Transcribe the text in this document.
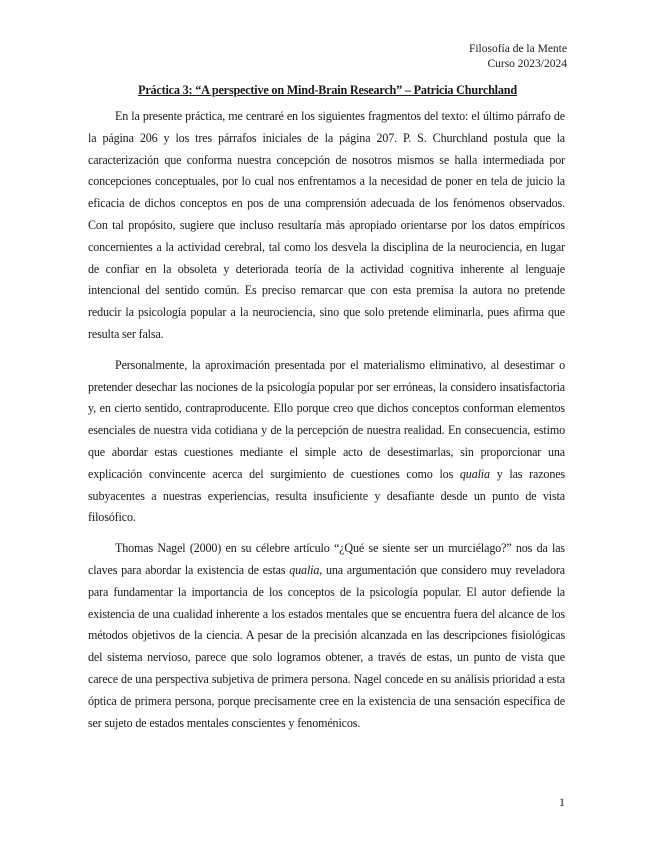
Filosofía de la Mente
Curso 2023/2024
Práctica 3: “A perspective on Mind-Brain Research” – Patricia Churchland

En la presente práctica, me centraré en los siguientes fragmentos del texto: el último párrafo de la página 206 y los tres párrafos iniciales de la página 207. P. S. Churchland postula que la caracterización que conforma nuestra concepción de nosotros mismos se halla intermediada por concepciones conceptuales, por lo cual nos enfrentamos a la necesidad de poner en tela de juicio la eficacia de dichos conceptos en pos de una comprensión adecuada de los fenómenos observados. Con tal propósito, sugiere que incluso resultaría más apropiado orientarse por los datos empíricos concernientes a la actividad cerebral, tal como los desvela la disciplina de la neurociencia, en lugar de confiar en la obsoleta y deteriorada teoría de la actividad cognitiva inherente al lenguaje intencional del sentido común. Es preciso remarcar que con esta premisa la autora no pretende reducir la psicología popular a la neurociencia, sino que solo pretende eliminarla, pues afirma que resulta ser falsa.

Personalmente, la aproximación presentada por el materialismo eliminativo, al desestimar o pretender desechar las nociones de la psicología popular por ser erróneas, la considero insatisfactoria y, en cierto sentido, contraproducente. Ello porque creo que dichos conceptos conforman elementos esenciales de nuestra vida cotidiana y de la percepción de nuestra realidad. En consecuencia, estimo que abordar estas cuestiones mediante el simple acto de desestimarlas, sin proporcionar una explicación convincente acerca del surgimiento de cuestiones como los qualia y las razones subyacentes a nuestras experiencias, resulta insuficiente y desafiante desde un punto de vista filosófico.

Thomas Nagel (2000) en su célebre artículo “¿Qué se siente ser un murciélago?” nos da las claves para abordar la existencia de estas qualia, una argumentación que considero muy reveladora para fundamentar la importancia de los conceptos de la psicología popular. El autor defiende la existencia de una cualidad inherente a los estados mentales que se encuentra fuera del alcance de los métodos objetivos de la ciencia. A pesar de la precisión alcanzada en las descripciones fisiológicas del sistema nervioso, parece que solo logramos obtener, a través de estas, un punto de vista que carece de una perspectiva subjetiva de primera persona. Nagel concede en su análisis prioridad a esta óptica de primera persona, porque precisamente cree en la existencia de una sensación específica de ser sujeto de estados mentales conscientes y fenoménicos.

1
